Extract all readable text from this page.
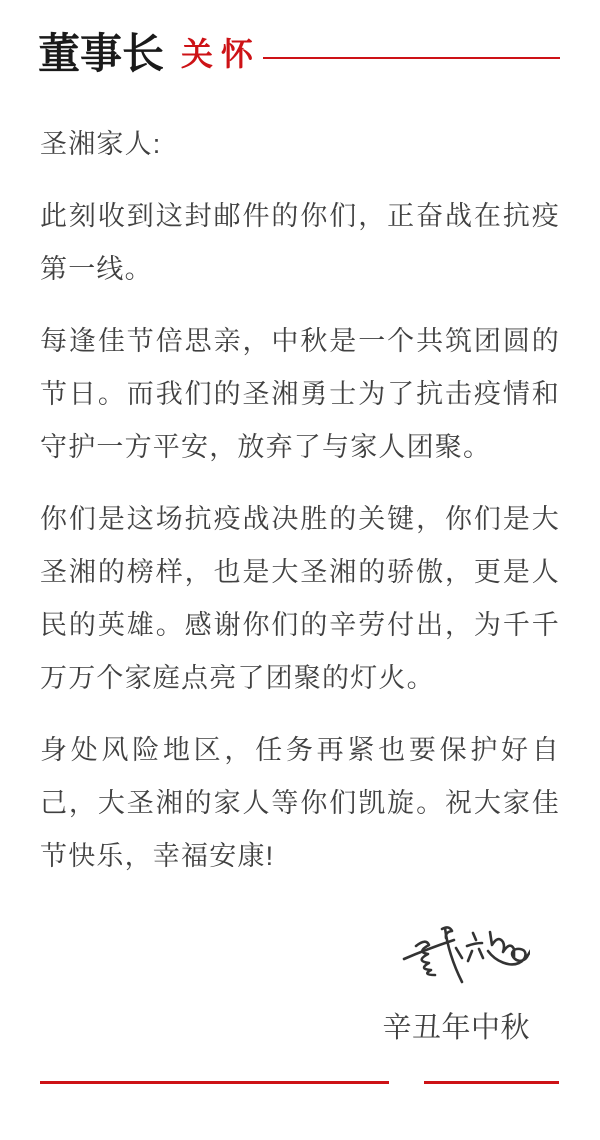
董事长 关怀

圣湘家人:

此刻收到这封邮件的你们，正奋战在抗疫第一线。

每逢佳节倍思亲，中秋是一个共筑团圆的节日。而我们的圣湘勇士为了抗击疫情和守护一方平安，放弃了与家人团聚。

你们是这场抗疫战决胜的关键，你们是大圣湘的榜样，也是大圣湘的骄傲，更是人民的英雄。感谢你们的辛劳付出，为千千万万个家庭点亮了团聚的灯火。

身处风险地区，任务再紧也要保护好自己，大圣湘的家人等你们凯旋。祝大家佳节快乐，幸福安康!

辛丑年中秋
